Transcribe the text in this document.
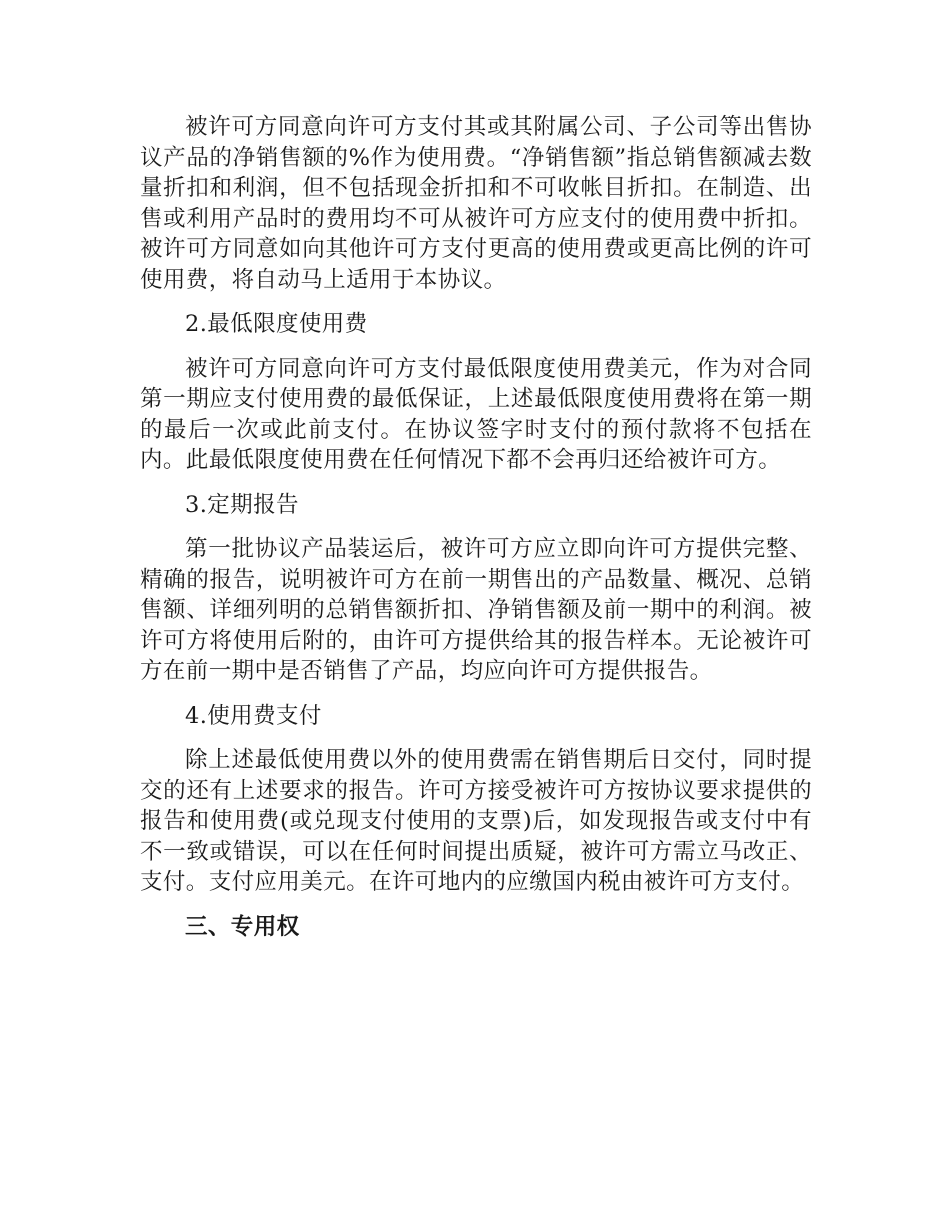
被许可方同意向许可方支付其或其附属公司、子公司等出售协议产品的净销售额的%作为使用费。“净销售额”指总销售额减去数量折扣和利润，但不包括现金折扣和不可收帐目折扣。在制造、出售或利用产品时的费用均不可从被许可方应支付的使用费中折扣。被许可方同意如向其他许可方支付更高的使用费或更高比例的许可使用费，将自动马上适用于本协议。

2.最低限度使用费

被许可方同意向许可方支付最低限度使用费美元，作为对合同第一期应支付使用费的最低保证，上述最低限度使用费将在第一期的最后一次或此前支付。在协议签字时支付的预付款将不包括在内。此最低限度使用费在任何情况下都不会再归还给被许可方。

3.定期报告

第一批协议产品装运后，被许可方应立即向许可方提供完整、精确的报告，说明被许可方在前一期售出的产品数量、概况、总销售额、详细列明的总销售额折扣、净销售额及前一期中的利润。被许可方将使用后附的，由许可方提供给其的报告样本。无论被许可方在前一期中是否销售了产品，均应向许可方提供报告。

4.使用费支付

除上述最低使用费以外的使用费需在销售期后日交付，同时提交的还有上述要求的报告。许可方接受被许可方按协议要求提供的报告和使用费(或兑现支付使用的支票)后，如发现报告或支付中有不一致或错误，可以在任何时间提出质疑，被许可方需立马改正、支付。支付应用美元。在许可地内的应缴国内税由被许可方支付。

三、专用权
